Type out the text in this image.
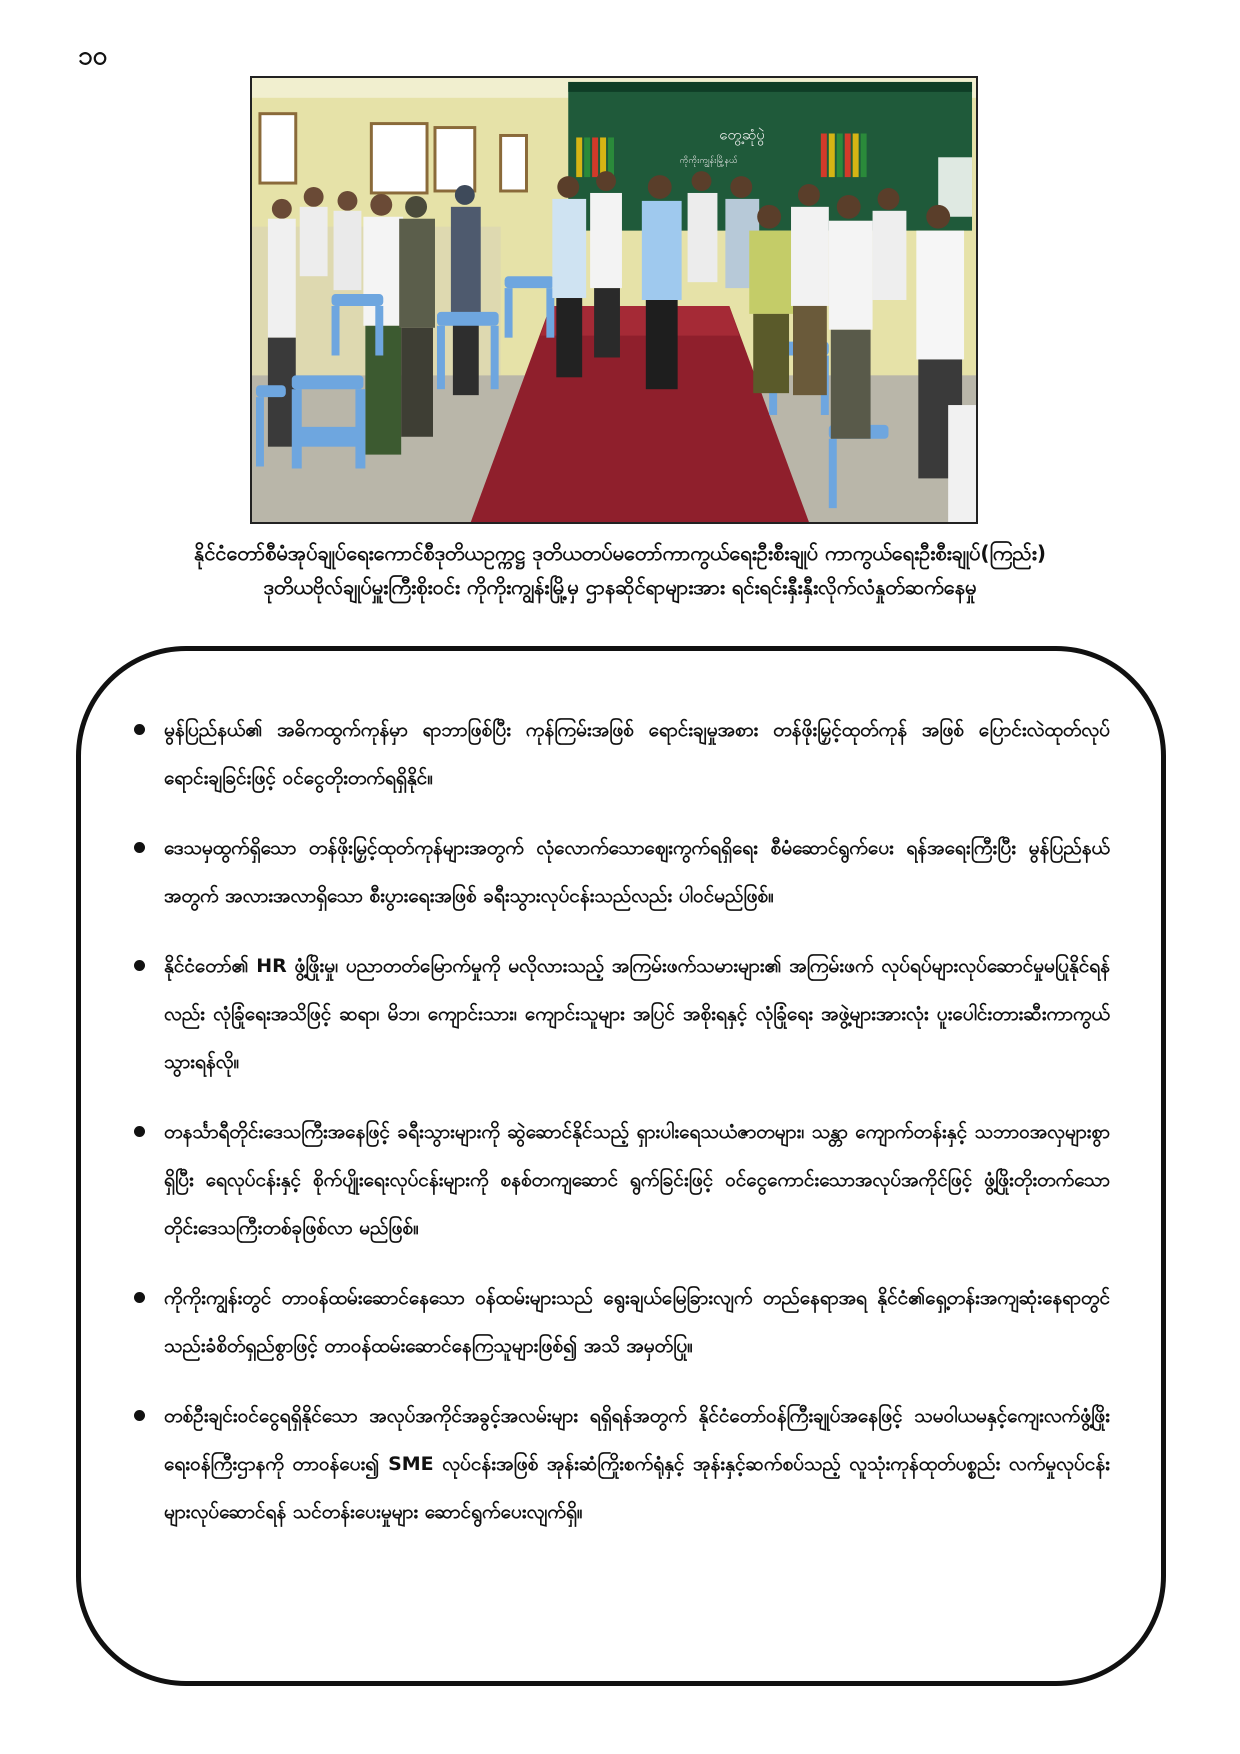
၁၀
တွေ့ဆုံပွဲ
ကိုကိုးကျွန်းမြို့နယ်
နိုင်ငံတော်စီမံအုပ်ချုပ်ရေးကောင်စီဒုတိယဥက္ကဋ္ဌ ဒုတိယတပ်မတော်ကာကွယ်ရေးဦးစီးချုပ် ကာကွယ်ရေးဦးစီးချုပ်(ကြည်း)
ဒုတိယဗိုလ်ချုပ်မှူးကြီးစိုးဝင်း ကိုကိုးကျွန်းမြို့မှ ဌာနဆိုင်ရာများအား ရင်းရင်းနှီးနှီးလိုက်လံနှုတ်ဆက်နေမှု
မွန်ပြည်နယ်၏ အဓိကထွက်ကုန်မှာ ရာဘာဖြစ်ပြီး ကုန်ကြမ်းအဖြစ် ရောင်းချမှုအစား တန်ဖိုးမြှင့်ထုတ်ကုန် အဖြစ် ပြောင်းလဲထုတ်လုပ်ရောင်းချခြင်းဖြင့် ဝင်ငွေတိုးတက်ရရှိနိုင်။
ဒေသမှထွက်ရှိသော တန်ဖိုးမြှင့်ထုတ်ကုန်များအတွက် လုံလောက်သောဈေးကွက်ရရှိရေး စီမံဆောင်ရွက်ပေး ရန်အရေးကြီးပြီး မွန်ပြည်နယ်အတွက် အလားအလာရှိသော စီးပွားရေးအဖြစ် ခရီးသွားလုပ်ငန်းသည်လည်း ပါဝင်မည်ဖြစ်။
နိုင်ငံတော်၏ HR ဖွံ့ဖြိုးမှု၊ ပညာတတ်မြောက်မှုကို မလိုလားသည့် အကြမ်းဖက်သမားများ၏ အကြမ်းဖက် လုပ်ရပ်များလုပ်ဆောင်မှုမပြုနိုင်ရန်လည်း လုံခြုံရေးအသိဖြင့် ဆရာ၊ မိဘ၊ ကျောင်းသား၊ ကျောင်းသူများ အပြင် အစိုးရနှင့် လုံခြုံရေး အဖွဲ့များအားလုံး ပူးပေါင်းတားဆီးကာကွယ်သွားရန်လို။
တနင်္သာရီတိုင်းဒေသကြီးအနေဖြင့် ခရီးသွားများကို ဆွဲဆောင်နိုင်သည့် ရှားပါးရေသယံဇာတများ၊ သန္တာ ကျောက်တန်းနှင့် သဘာဝအလှများစွာရှိပြီး ရေလုပ်ငန်းနှင့် စိုက်ပျိုးရေးလုပ်ငန်းများကို စနစ်တကျဆောင် ရွက်ခြင်းဖြင့် ဝင်ငွေကောင်းသောအလုပ်အကိုင်ဖြင့် ဖွံ့ဖြိုးတိုးတက်သော တိုင်းဒေသကြီးတစ်ခုဖြစ်လာ မည်ဖြစ်။
ကိုကိုးကျွန်းတွင် တာဝန်ထမ်းဆောင်နေသော ဝန်ထမ်းများသည် ရွေးချယ်မြေခြားလျက် တည်နေရာအရ နိုင်ငံ၏ရှေ့တန်းအကျဆုံးနေရာတွင် သည်းခံစိတ်ရှည်စွာဖြင့် တာဝန်ထမ်းဆောင်နေကြသူများဖြစ်၍ အသိ အမှတ်ပြု။
တစ်ဦးချင်းဝင်ငွေရရှိနိုင်သော အလုပ်အကိုင်အခွင့်အလမ်းများ ရရှိရန်အတွက် နိုင်ငံတော်ဝန်ကြီးချုပ်အနေဖြင့် သမဝါယမနှင့်ကျေးလက်ဖွံ့ဖြိုးရေးဝန်ကြီးဌာနကို တာဝန်ပေး၍ SME လုပ်ငန်းအဖြစ် အုန်းဆံကြိုးစက်ရုံနှင့် အုန်းနှင့်ဆက်စပ်သည့် လူသုံးကုန်ထုတ်ပစ္စည်း လက်မှုလုပ်ငန်းများလုပ်ဆောင်ရန် သင်တန်းပေးမှုများ ဆောင်ရွက်ပေးလျက်ရှိ။
